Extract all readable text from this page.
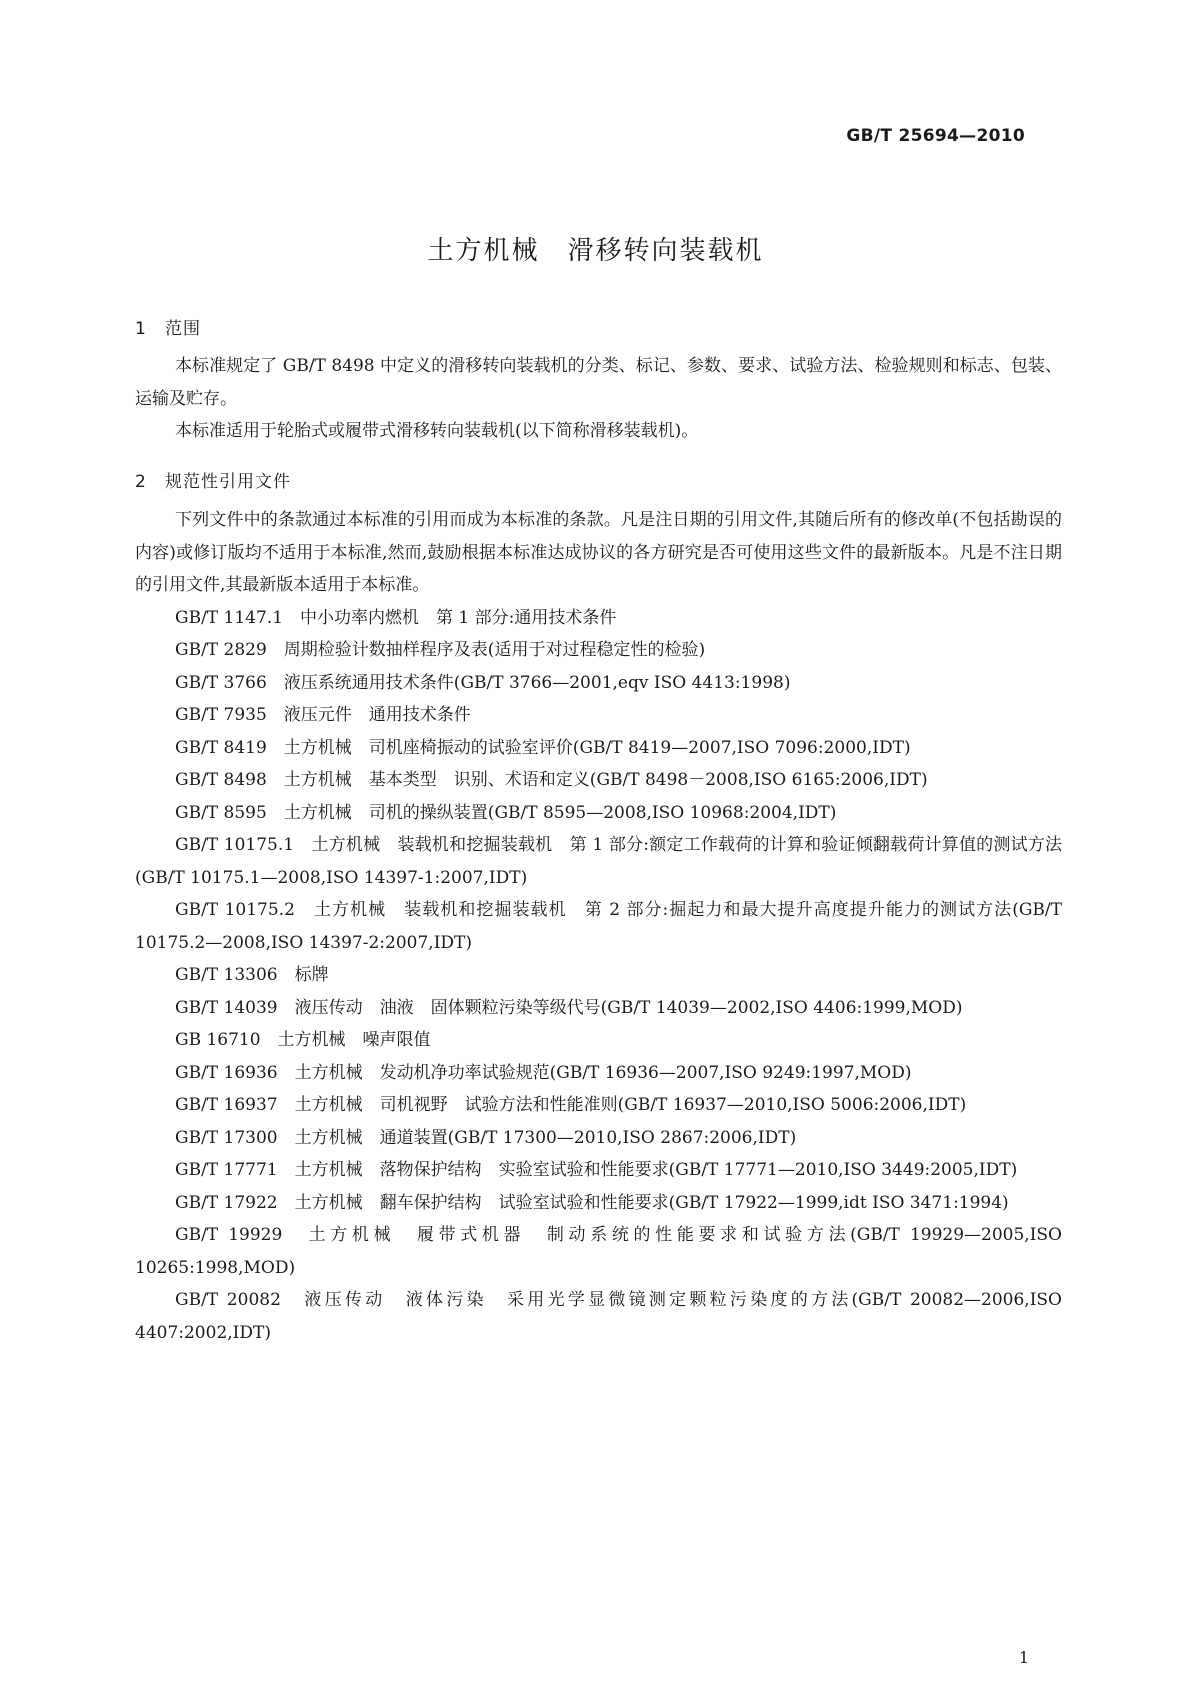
GB/T 25694—2010
土方机械　滑移转向装载机
1 范围

本标准规定了 GB/T 8498 中定义的滑移转向装载机的分类、标记、参数、要求、试验方法、检验规则和标志、包装、运输及贮存。

本标准适用于轮胎式或履带式滑移转向装载机(以下简称滑移装载机)。

2 规范性引用文件

下列文件中的条款通过本标准的引用而成为本标准的条款。凡是注日期的引用文件,其随后所有的修改单(不包括勘误的内容)或修订版均不适用于本标准,然而,鼓励根据本标准达成协议的各方研究是否可使用这些文件的最新版本。凡是不注日期的引用文件,其最新版本适用于本标准。

GB/T 1147.1　中小功率内燃机　第 1 部分:通用技术条件

GB/T 2829　周期检验计数抽样程序及表(适用于对过程稳定性的检验)

GB/T 3766　液压系统通用技术条件(GB/T 3766—2001,eqv ISO 4413:1998)

GB/T 7935　液压元件　通用技术条件

GB/T 8419　土方机械　司机座椅振动的试验室评价(GB/T 8419—2007,ISO 7096:2000,IDT)

GB/T 8498　土方机械　基本类型　识别、术语和定义(GB/T 8498－2008,ISO 6165:2006,IDT)

GB/T 8595　土方机械　司机的操纵装置(GB/T 8595—2008,ISO 10968:2004,IDT)

GB/T 10175.1　土方机械　装载机和挖掘装载机　第 1 部分:额定工作载荷的计算和验证倾翻载荷计算值的测试方法(GB/T 10175.1—2008,ISO 14397-1:2007,IDT)

GB/T 10175.2　土方机械　装载机和挖掘装载机　第 2 部分:掘起力和最大提升高度提升能力的测试方法(GB/T 10175.2—2008,ISO 14397-2:2007,IDT)

GB/T 13306　标牌

GB/T 14039　液压传动　油液　固体颗粒污染等级代号(GB/T 14039—2002,ISO 4406:1999,MOD)

GB 16710　土方机械　噪声限值

GB/T 16936　土方机械　发动机净功率试验规范(GB/T 16936—2007,ISO 9249:1997,MOD)

GB/T 16937　土方机械　司机视野　试验方法和性能准则(GB/T 16937—2010,ISO 5006:2006,IDT)

GB/T 17300　土方机械　通道装置(GB/T 17300—2010,ISO 2867:2006,IDT)

GB/T 17771　土方机械　落物保护结构　实验室试验和性能要求(GB/T 17771—2010,ISO 3449:2005,IDT)

GB/T 17922　土方机械　翻车保护结构　试验室试验和性能要求(GB/T 17922—1999,idt ISO 3471:1994)

GB/T 19929　土方机械　履带式机器　制动系统的性能要求和试验方法(GB/T 19929—2005,ISO 10265:1998,MOD)

GB/T 20082　液压传动　液体污染　采用光学显微镜测定颗粒污染度的方法(GB/T 20082—2006,ISO 4407:2002,IDT)

1
